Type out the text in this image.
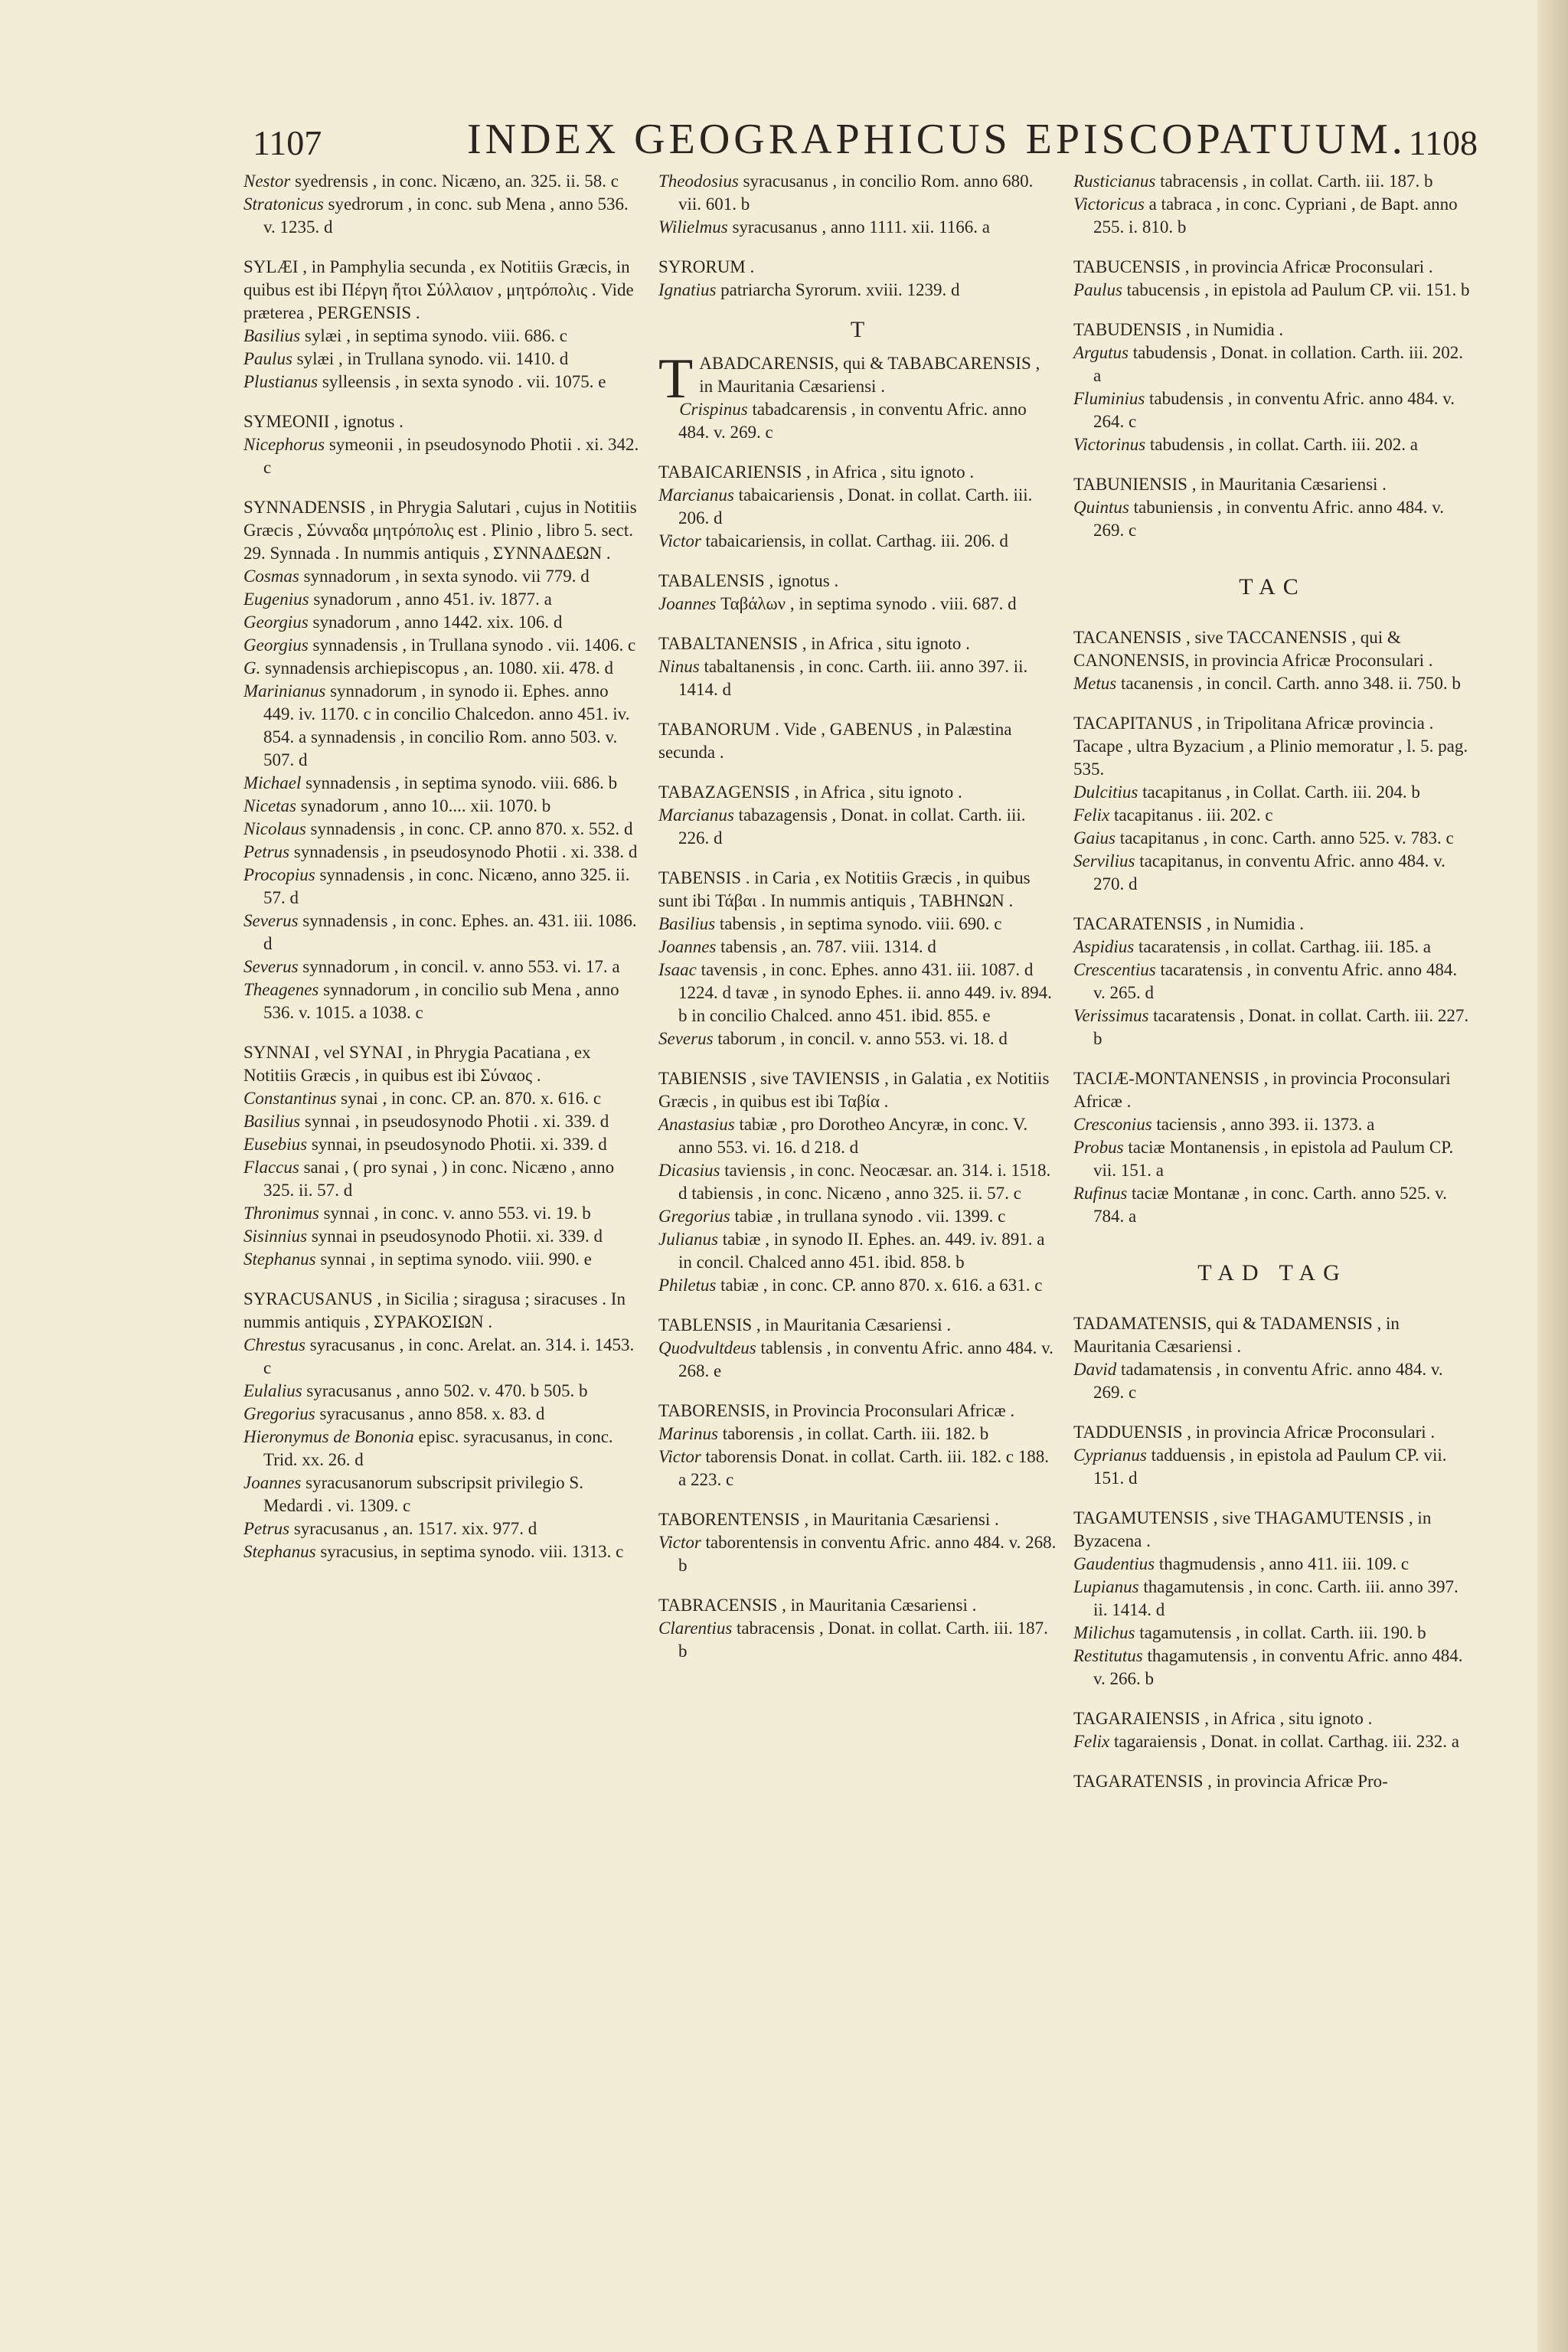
1107	INDEX GEOGRAPHICUS EPISCOPATUUM. 1108
Nestor syedrensis , in conc. Nicæno, an. 325. ii. 58. c
Stratonicus syedrorum , in conc. sub Mena , anno 536. v. 1235. d
SYLÆI , in Pamphylia secunda , ex Notitiis Græcis, in quibus est ibi Πέργη ἤτοι Σύλλαιον , μητρόπολις . Vide præterea , PERGENSIS .
Basilius sylæi , in septima synodo. viii. 686. c
Paulus sylæi , in Trullana synodo. vii. 1410. d
Plustianus sylleensis , in sexta synodo . vii. 1075. e
SYMEONII , ignotus .
Nicephorus symeonii , in pseudosynodo Photii . xi. 342. c
SYNNADENSIS , in Phrygia Salutari , cujus in Notitiis Græcis , Σύνναδα μητρόπολις est . Plinio , libro 5. sect. 29. Synnada . In nummis antiquis , ΣΥΝΝΑΔΕΩΝ .
Cosmas synnadorum , in sexta synodo. vii 779. d
Eugenius synadorum , anno 451. iv. 1877. a
Georgius synadorum , anno 1442. xix. 106. d
Georgius synnadensis , in Trullana synodo . vii. 1406. c
G. synnadensis archiepiscopus , an. 1080. xii. 478. d
Marinianus synnadorum , in synodo ii. Ephes. anno 449. iv. 1170. c in concilio Chalcedon. anno 451. iv. 854. a synnadensis , in concilio Rom. anno 503. v. 507. d
Michael synnadensis , in septima synodo. viii. 686. b
Nicetas synadorum , anno 10.... xii. 1070. b
Nicolaus synnadensis , in conc. CP. anno 870. x. 552. d
Petrus synnadensis , in pseudosynodo Photii . xi. 338. d
Procopius synnadensis , in conc. Nicæno, anno 325. ii. 57. d
Severus synnadensis , in conc. Ephes. an. 431. iii. 1086. d
Severus synnadorum , in concil. v. anno 553. vi. 17. a
Theagenes synnadorum , in concilio sub Mena , anno 536. v. 1015. a 1038. c
SYNNAI , vel SYNAI , in Phrygia Pacatiana , ex Notitiis Græcis , in quibus est ibi Σύναος .
Constantinus synai , in conc. CP. an. 870. x. 616. c
Basilius synnai , in pseudosynodo Photii . xi. 339. d
Eusebius synnai, in pseudosynodo Photii. xi. 339. d
Flaccus sanai , ( pro synai , ) in conc. Nicæno , anno 325. ii. 57. d
Thronimus synnai , in conc. v. anno 553. vi. 19. b
Sisinnius synnai in pseudosynodo Photii. xi. 339. d
Stephanus synnai , in septima synodo. viii. 990. e
SYRACUSANUS , in Sicilia ; siragusa ; siracuses . In nummis antiquis , ΣΥΡΑΚΟΣΙΩΝ .
Chrestus syracusanus , in conc. Arelat. an. 314. i. 1453. c
Eulalius syracusanus , anno 502. v. 470. b 505. b
Gregorius syracusanus , anno 858. x. 83. d
Hieronymus de Bononia episc. syracusanus, in conc. Trid. xx. 26. d
Joannes syracusanorum subscripsit privilegio S. Medardi . vi. 1309. c
Petrus syracusanus , an. 1517. xix. 977. d
Stephanus syracusius, in septima synodo. viii. 1313. c
Theodosius syracusanus , in concilio Rom. anno 680. vii. 601. b
Wilielmus syracusanus , anno 1111. xii. 1166. a
SYRORUM .
Ignatius patriarcha Syrorum. xviii. 1239. d
T
TABADCARENSIS, qui & TABABCARENSIS , in Mauritania Cæsariensi .
Crispinus tabadcarensis , in conventu Afric. anno 484. v. 269. c
TABAICARIENSIS , in Africa , situ ignoto .
Marcianus tabaicariensis , Donat. in collat. Carth. iii. 206. d
Victor tabaicariensis, in collat. Carthag. iii. 206. d
TABALENSIS , ignotus .
Joannes Ταβάλων , in septima synodo . viii. 687. d
TABALTANENSIS , in Africa , situ ignoto .
Ninus tabaltanensis , in conc. Carth. iii. anno 397. ii. 1414. d
TABANORUM . Vide , GABENUS , in Palæstina secunda .
TABAZAGENSIS , in Africa , situ ignoto .
Marcianus tabazagensis , Donat. in collat. Carth. iii. 226. d
TABENSIS . in Caria , ex Notitiis Græcis , in quibus sunt ibi Τάβαι . In nummis antiquis , ΤΑΒΗΝΩΝ .
Basilius tabensis , in septima synodo. viii. 690. c
Joannes tabensis , an. 787. viii. 1314. d
Isaac tavensis , in conc. Ephes. anno 431. iii. 1087. d 1224. d tavæ , in synodo Ephes. ii. anno 449. iv. 894. b in concilio Chalced. anno 451. ibid. 855. e
Severus taborum , in concil. v. anno 553. vi. 18. d
TABIENSIS , sive TAVIENSIS , in Galatia , ex Notitiis Græcis , in quibus est ibi Ταβία .
Anastasius tabiæ , pro Dorotheo Ancyræ, in conc. V. anno 553. vi. 16. d 218. d
Dicasius taviensis , in conc. Neocæsar. an. 314. i. 1518. d tabiensis , in conc. Nicæno , anno 325. ii. 57. c
Gregorius tabiæ , in trullana synodo . vii. 1399. c
Julianus tabiæ , in synodo II. Ephes. an. 449. iv. 891. a in concil. Chalced anno 451. ibid. 858. b
Philetus tabiæ , in conc. CP. anno 870. x. 616. a 631. c
TABLENSIS , in Mauritania Cæsariensi .
Quodvultdeus tablensis , in conventu Afric. anno 484. v. 268. e
TABORENSIS, in Provincia Proconsulari Africæ .
Marinus taborensis , in collat. Carth. iii. 182. b
Victor taborensis Donat. in collat. Carth. iii. 182. c 188. a 223. c
TABORENTENSIS , in Mauritania Cæsariensi .
Victor taborentensis in conventu Afric. anno 484. v. 268. b
TABRACENSIS , in Mauritania Cæsariensi .
Clarentius tabracensis , Donat. in collat. Carth. iii. 187. b
Rusticianus tabracensis , in collat. Carth. iii. 187. b
Victoricus a tabraca , in conc. Cypriani , de Bapt. anno 255. i. 810. b
TABUCENSIS , in provincia Africæ Proconsulari .
Paulus tabucensis , in epistola ad Paulum CP. vii. 151. b
TABUDENSIS , in Numidia .
Argutus tabudensis , Donat. in collation. Carth. iii. 202. a
Fluminius tabudensis , in conventu Afric. anno 484. v. 264. c
Victorinus tabudensis , in collat. Carth. iii. 202. a
TABUNIENSIS , in Mauritania Cæsariensi .
Quintus tabuniensis , in conventu Afric. anno 484. v. 269. c
TAC
TACANENSIS , sive TACCANENSIS , qui & CANONENSIS, in provincia Africæ Proconsulari .
Metus tacanensis , in concil. Carth. anno 348. ii. 750. b
TACAPITANUS , in Tripolitana Africæ provincia . Tacape , ultra Byzacium , a Plinio memoratur , l. 5. pag. 535.
Dulcitius tacapitanus , in Collat. Carth. iii. 204. b
Felix tacapitanus . iii. 202. c
Gaius tacapitanus , in conc. Carth. anno 525. v. 783. c
Servilius tacapitanus, in conventu Afric. anno 484. v. 270. d
TACARATENSIS , in Numidia .
Aspidius tacaratensis , in collat. Carthag. iii. 185. a
Crescentius tacaratensis , in conventu Afric. anno 484. v. 265. d
Verissimus tacaratensis , Donat. in collat. Carth. iii. 227. b
TACIÆ-MONTANENSIS , in provincia Proconsulari Africæ .
Cresconius taciensis , anno 393. ii. 1373. a
Probus taciæ Montanensis , in epistola ad Paulum CP. vii. 151. a
Rufinus taciæ Montanæ , in conc. Carth. anno 525. v. 784. a
TAD TAG
TADAMATENSIS, qui & TADAMENSIS , in Mauritania Cæsariensi .
David tadamatensis , in conventu Afric. anno 484. v. 269. c
TADDUENSIS , in provincia Africæ Proconsulari .
Cyprianus tadduensis , in epistola ad Paulum CP. vii. 151. d
TAGAMUTENSIS , sive THAGAMUTENSIS , in Byzacena .
Gaudentius thagmudensis , anno 411. iii. 109. c
Lupianus thagamutensis , in conc. Carth. iii. anno 397. ii. 1414. d
Milichus tagamutensis , in collat. Carth. iii. 190. b
Restitutus thagamutensis , in conventu Afric. anno 484. v. 266. b
TAGARAIENSIS , in Africa , situ ignoto .
Felix tagaraiensis , Donat. in collat. Carthag. iii. 232. a
TAGARATENSIS , in provincia Africæ Pro-
